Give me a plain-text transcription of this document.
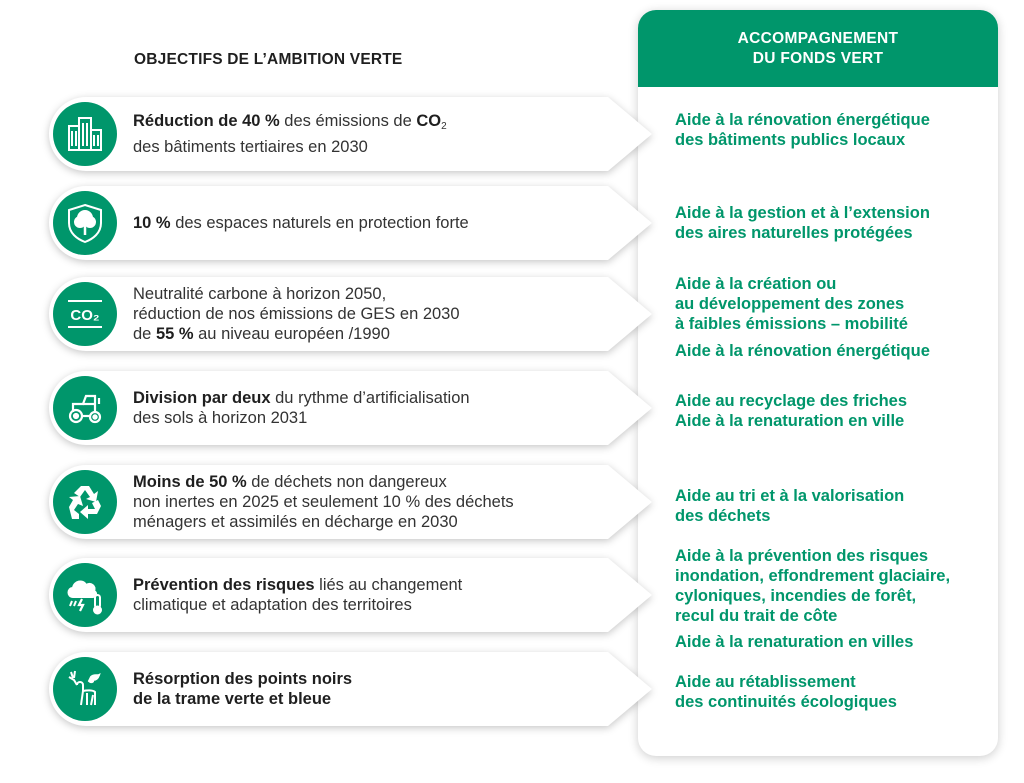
OBJECTIFS DE L’AMBITION VERTE
ACCOMPAGNEMENT
DU FONDS VERT
Réduction de 40 % des émissions de $CO_2$
des bâtiments tertiaires en 2030
10 % des espaces naturels en protection forte
CO₂
Neutralité carbone à horizon 2050,
réduction de nos émissions de GES en 2030
de 55 % au niveau européen /1990
Division par deux du rythme d’artificialisation
des sols à horizon 2031
Moins de 50 % de déchets non dangereux
non inertes en 2025 et seulement 10 % des déchets
ménagers et assimilés en décharge en 2030
Prévention des risques liés au changement
climatique et adaptation des territoires
Résorption des points noirs
de la trame verte et bleue
Aide à la rénovation énergétique
des bâtiments publics locaux
Aide à la gestion et à l’extension
des aires naturelles protégées
Aide à la création ou
au développement des zones
à faibles émissions – mobilité
Aide à la rénovation énergétique
Aide au recyclage des friches
Aide à la renaturation en ville
Aide au tri et à la valorisation
des déchets
Aide à la prévention des risques
inondation, effondrement glaciaire,
cyloniques, incendies de forêt,
recul du trait de côte
Aide à la renaturation en villes
Aide au rétablissement
des continuités écologiques
